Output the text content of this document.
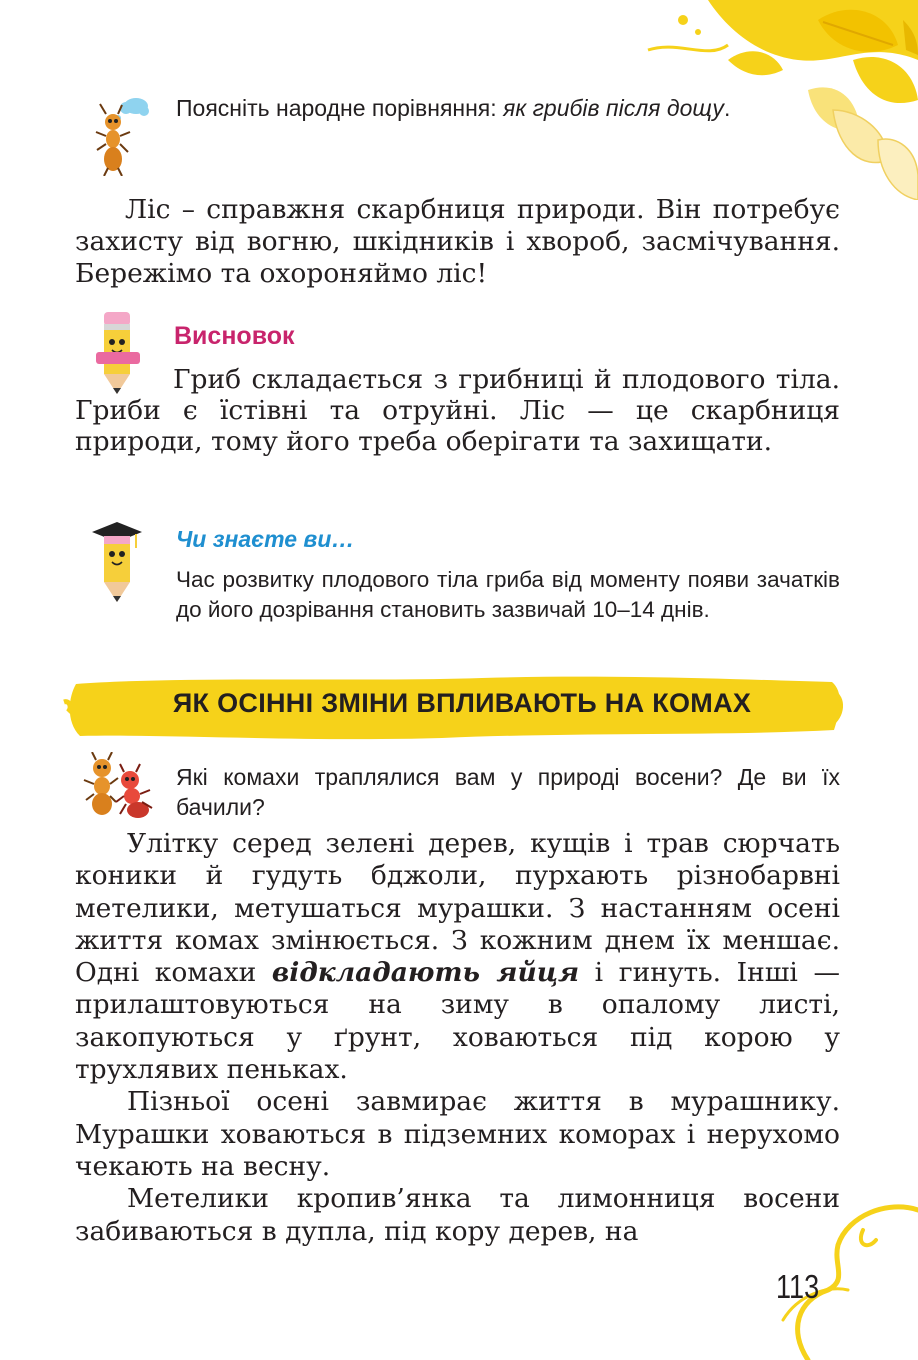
Поясніть народне порівняння: як грибів після дощу.

Ліс – справжня скарбниця природи. Він потребує захисту від вогню, шкідників і хвороб, засмічування. Бережімо та охороняймо ліс!

Висновок

Гриб складається з грибниці й плодового тіла. Гриби є їстівні та отруйні. Ліс — це скарбниця природи, тому його треба оберігати та захищати.

Чи знаєте ви…

Час розвитку плодового тіла гриба від моменту появи зачатків до його дозрівання становить зазвичай 10–14 днів.

ЯК ОСІННІ ЗМІНИ ВПЛИВАЮТЬ НА КОМАХ

Які комахи траплялися вам у природі восени? Де ви їх бачили?

Улітку серед зелені дерев, кущів і трав сюрчать коники й гудуть бджоли, пурхають різнобарвні метелики, метушаться мурашки. З настанням осені життя комах змінюється. З кожним днем їх меншає. Одні комахи відкладають яйця і гинуть. Інші — прилаштовуються на зиму в опалому листі, закопуються у ґрунт, ховаються під корою у трухлявих пеньках.

Пізньої осені завмирає життя в мурашнику. Мурашки ховаються в підземних коморах і нерухомо чекають на весну.

Метелики кропив’янка та лимонниця восени забиваються в дупла, під кору дерев, на

113
